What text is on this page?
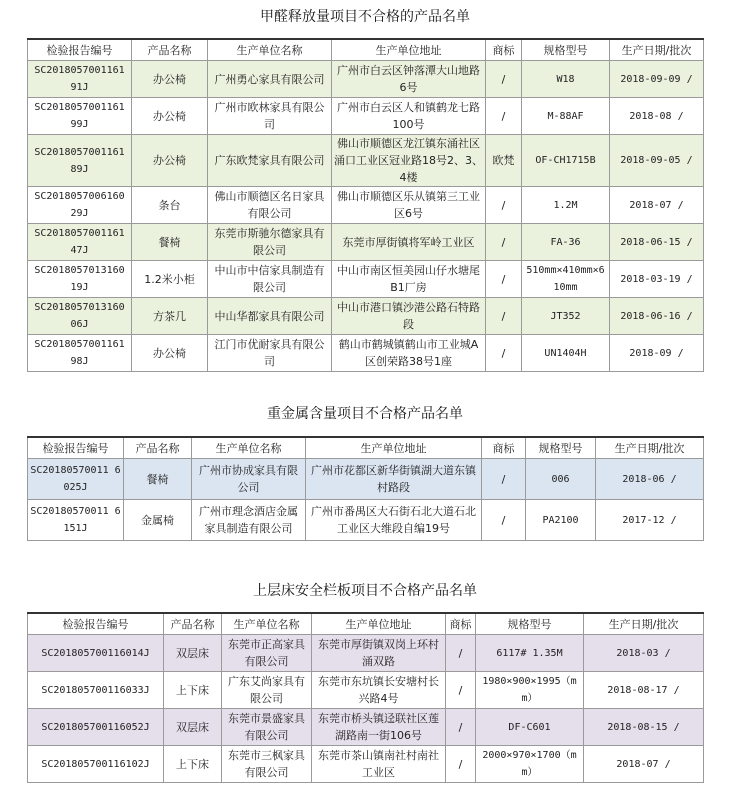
甲醛释放量项目不合格的产品名单
检验报告编号	产品名称	生产单位名称	生产单位地址	商标	规格型号	生产日期/批次
SC2018057001161 91J	办公椅	广州勇心家具有限公司	广州市白云区钟落潭大山地路6号	/	W18	2018-09-09 /
SC2018057001161 99J	办公椅	广州市欧林家具有限公司	广州市白云区人和镇鹤龙七路100号	/	M-88AF	2018-08 /
SC2018057001161 89J	办公椅	广东欧梵家具有限公司	佛山市顺德区龙江镇东涌社区涌口工业区冠业路18号2、3、4楼	欧梵	OF-CH1715B	2018-09-05 /
SC2018057006160 29J	条台	佛山市顺德区名日家具有限公司	佛山市顺德区乐从镇第三工业区6号	/	1.2M	2018-07 /
SC2018057001161 47J	餐椅	东莞市斯驰尔德家具有限公司	东莞市厚街镇将军岭工业区	/	FA-36	2018-06-15 /
SC2018057013160 19J	1.2米小柜	中山市中信家具制造有限公司	中山市南区恒美园山仔水塘尾B1厂房	/	510mm×410mm×610mm	2018-03-19 /
SC2018057013160 06J	方茶几	中山华都家具有限公司	中山市港口镇沙港公路石特路段	/	JT352	2018-06-16 /
SC2018057001161 98J	办公椅	江门市优耐家具有限公司	鹤山市鹤城镇鹤山市工业城A区创荣路38号1座	/	UN1404H	2018-09 /
重金属含量项目不合格产品名单
检验报告编号	产品名称	生产单位名称	生产单位地址	商标	规格型号	生产日期/批次
SC20180570011 6025J	餐椅	广州市协成家具有限公司	广州市花都区新华街镇湖大道东镇村路段	/	006	2018-06 /
SC20180570011 6151J	金属椅	广州市理念酒店金属家具制造有限公司	广州市番禺区大石街石北大道石北工业区大维段自编19号	/	PA2100	2017-12 /
上层床安全栏板项目不合格产品名单
检验报告编号	产品名称	生产单位名称	生产单位地址	商标	规格型号	生产日期/批次
SC201805700116014J	双层床	东莞市正高家具有限公司	东莞市厚街镇双岗上环村涌双路	/	6117# 1.35M	2018-03 /
SC201805700116033J	上下床	广东艾尚家具有限公司	东莞市东坑镇长安塘村长兴路4号	/	1980×900×1995（mm）	2018-08-17 /
SC201805700116052J	双层床	东莞市景盛家具有限公司	东莞市桥头镇迳联社区莲湖路南一街106号	/	DF-C601	2018-08-15 /
SC201805700116102J	上下床	东莞市三枫家具有限公司	东莞市茶山镇南社村南社工业区	/	2000×970×1700（mm）	2018-07 /
